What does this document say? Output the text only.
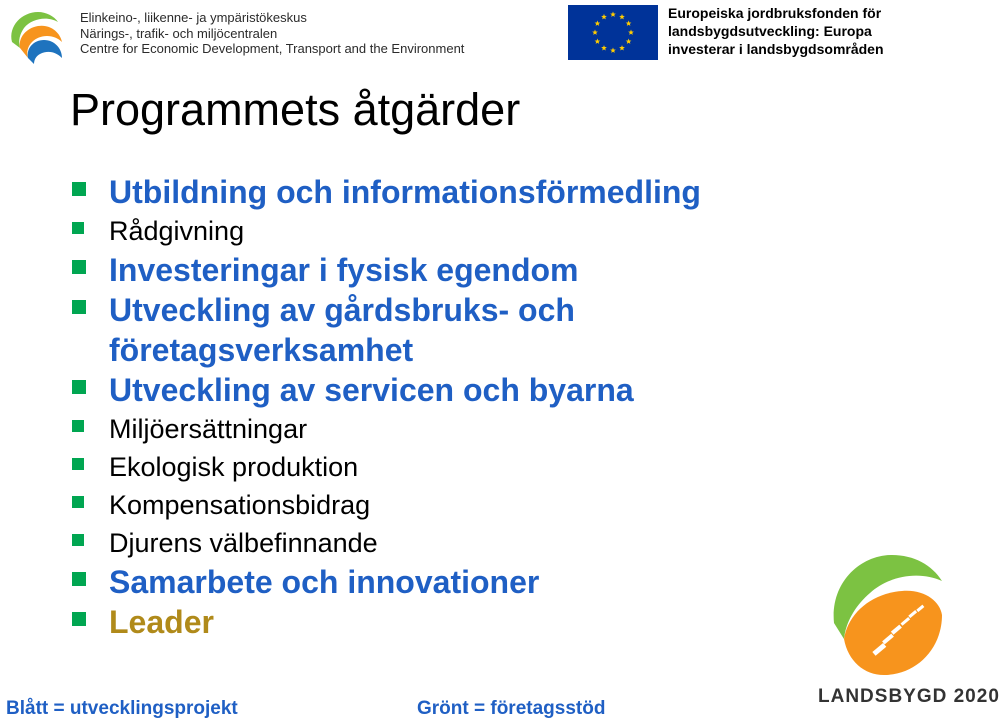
Elinkeino-, liikenne- ja ympäristökeskus
Närings-, trafik- och miljöcentralen
Centre for Economic Development, Transport and the Environment
Europeiska jordbruksfonden för
landsbygdsutveckling: Europa
investerar i landsbygdsområden
Programmets åtgärder
Utbildning och informationsförmedling
Rådgivning
Investeringar i fysisk egendom
Utveckling av gårdsbruks- och
företagsverksamhet
Utveckling av servicen och byarna
Miljöersättningar
Ekologisk produktion
Kompensationsbidrag
Djurens välbefinnande
Samarbete och innovationer
Leader
Blått = utvecklingsprojekt	Grönt = företagsstöd
LANDSBYGD 2020
